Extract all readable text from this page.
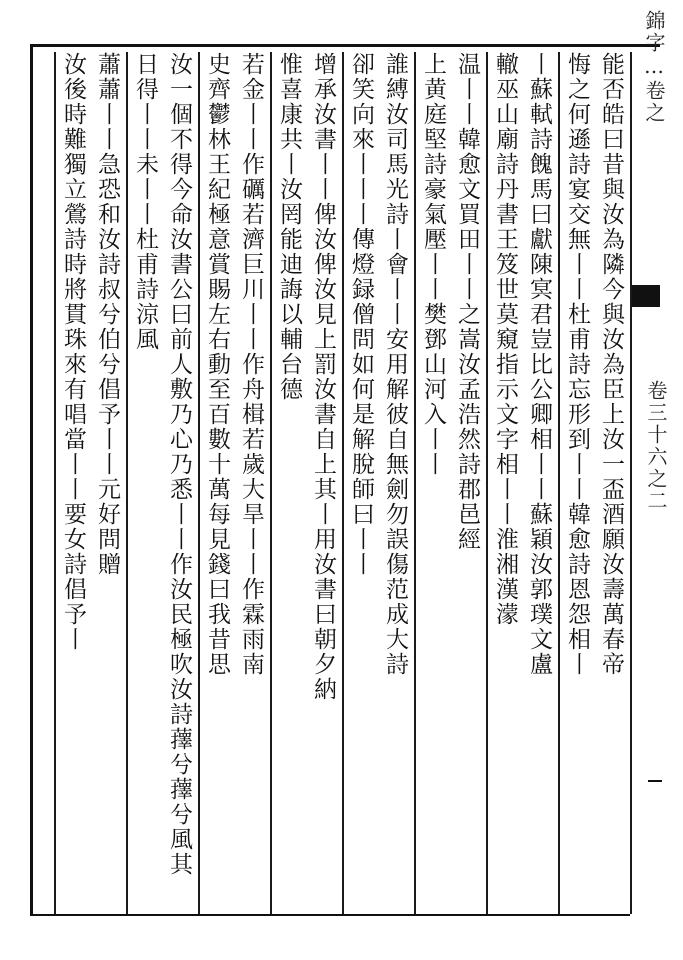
錦字…卷之
卷三十六之二
能否皓曰昔與汝為隣今與汝為臣上汝一盃酒願汝壽萬春帝
悔之何遜詩宴交無丨丨杜甫詩忘形到丨丨韓愈詩恩怨相丨
丨蘇軾詩餽馬曰獻陳㝠君豈比公卿相丨丨蘇穎汝郭璞文盧
轍巫山廟詩丹書王笈世莫窺指示文字相丨丨淮湘漢濛
温丨丨韓愈文買田丨丨之嵩汝孟浩然詩郡邑經
上黄庭堅詩豪氣壓丨丨樊鄧山河入丨丨
誰縛汝司馬光詩丨會丨丨安用解彼自無劍勿誤傷范成大詩
卻笑向來丨丨丨傳燈録僧問如何是解脫師曰丨丨
增承汝書丨丨俾汝俾汝見上罰汝書自上其丨用汝書曰朝夕納
惟喜康共丨汝罔能迪誨以輔台德
若金丨丨作礪若濟巨川丨丨作舟楫若歲大旱丨丨作霖雨南
史齊鬱林王紀極意賞賜左右動至百數十萬每見錢曰我昔思
汝一個不得今命汝書公曰前人敷乃心乃悉丨丨作汝民極吹汝詩蘀兮蘀兮風其
日得丨丨未丨丨杜甫詩涼風
蕭蕭丨丨急恐和汝詩叔兮伯兮倡予丨丨元好問贈
汝後時難獨立鶯詩時將貫珠來有唱當丨丨要女詩倡予丨
